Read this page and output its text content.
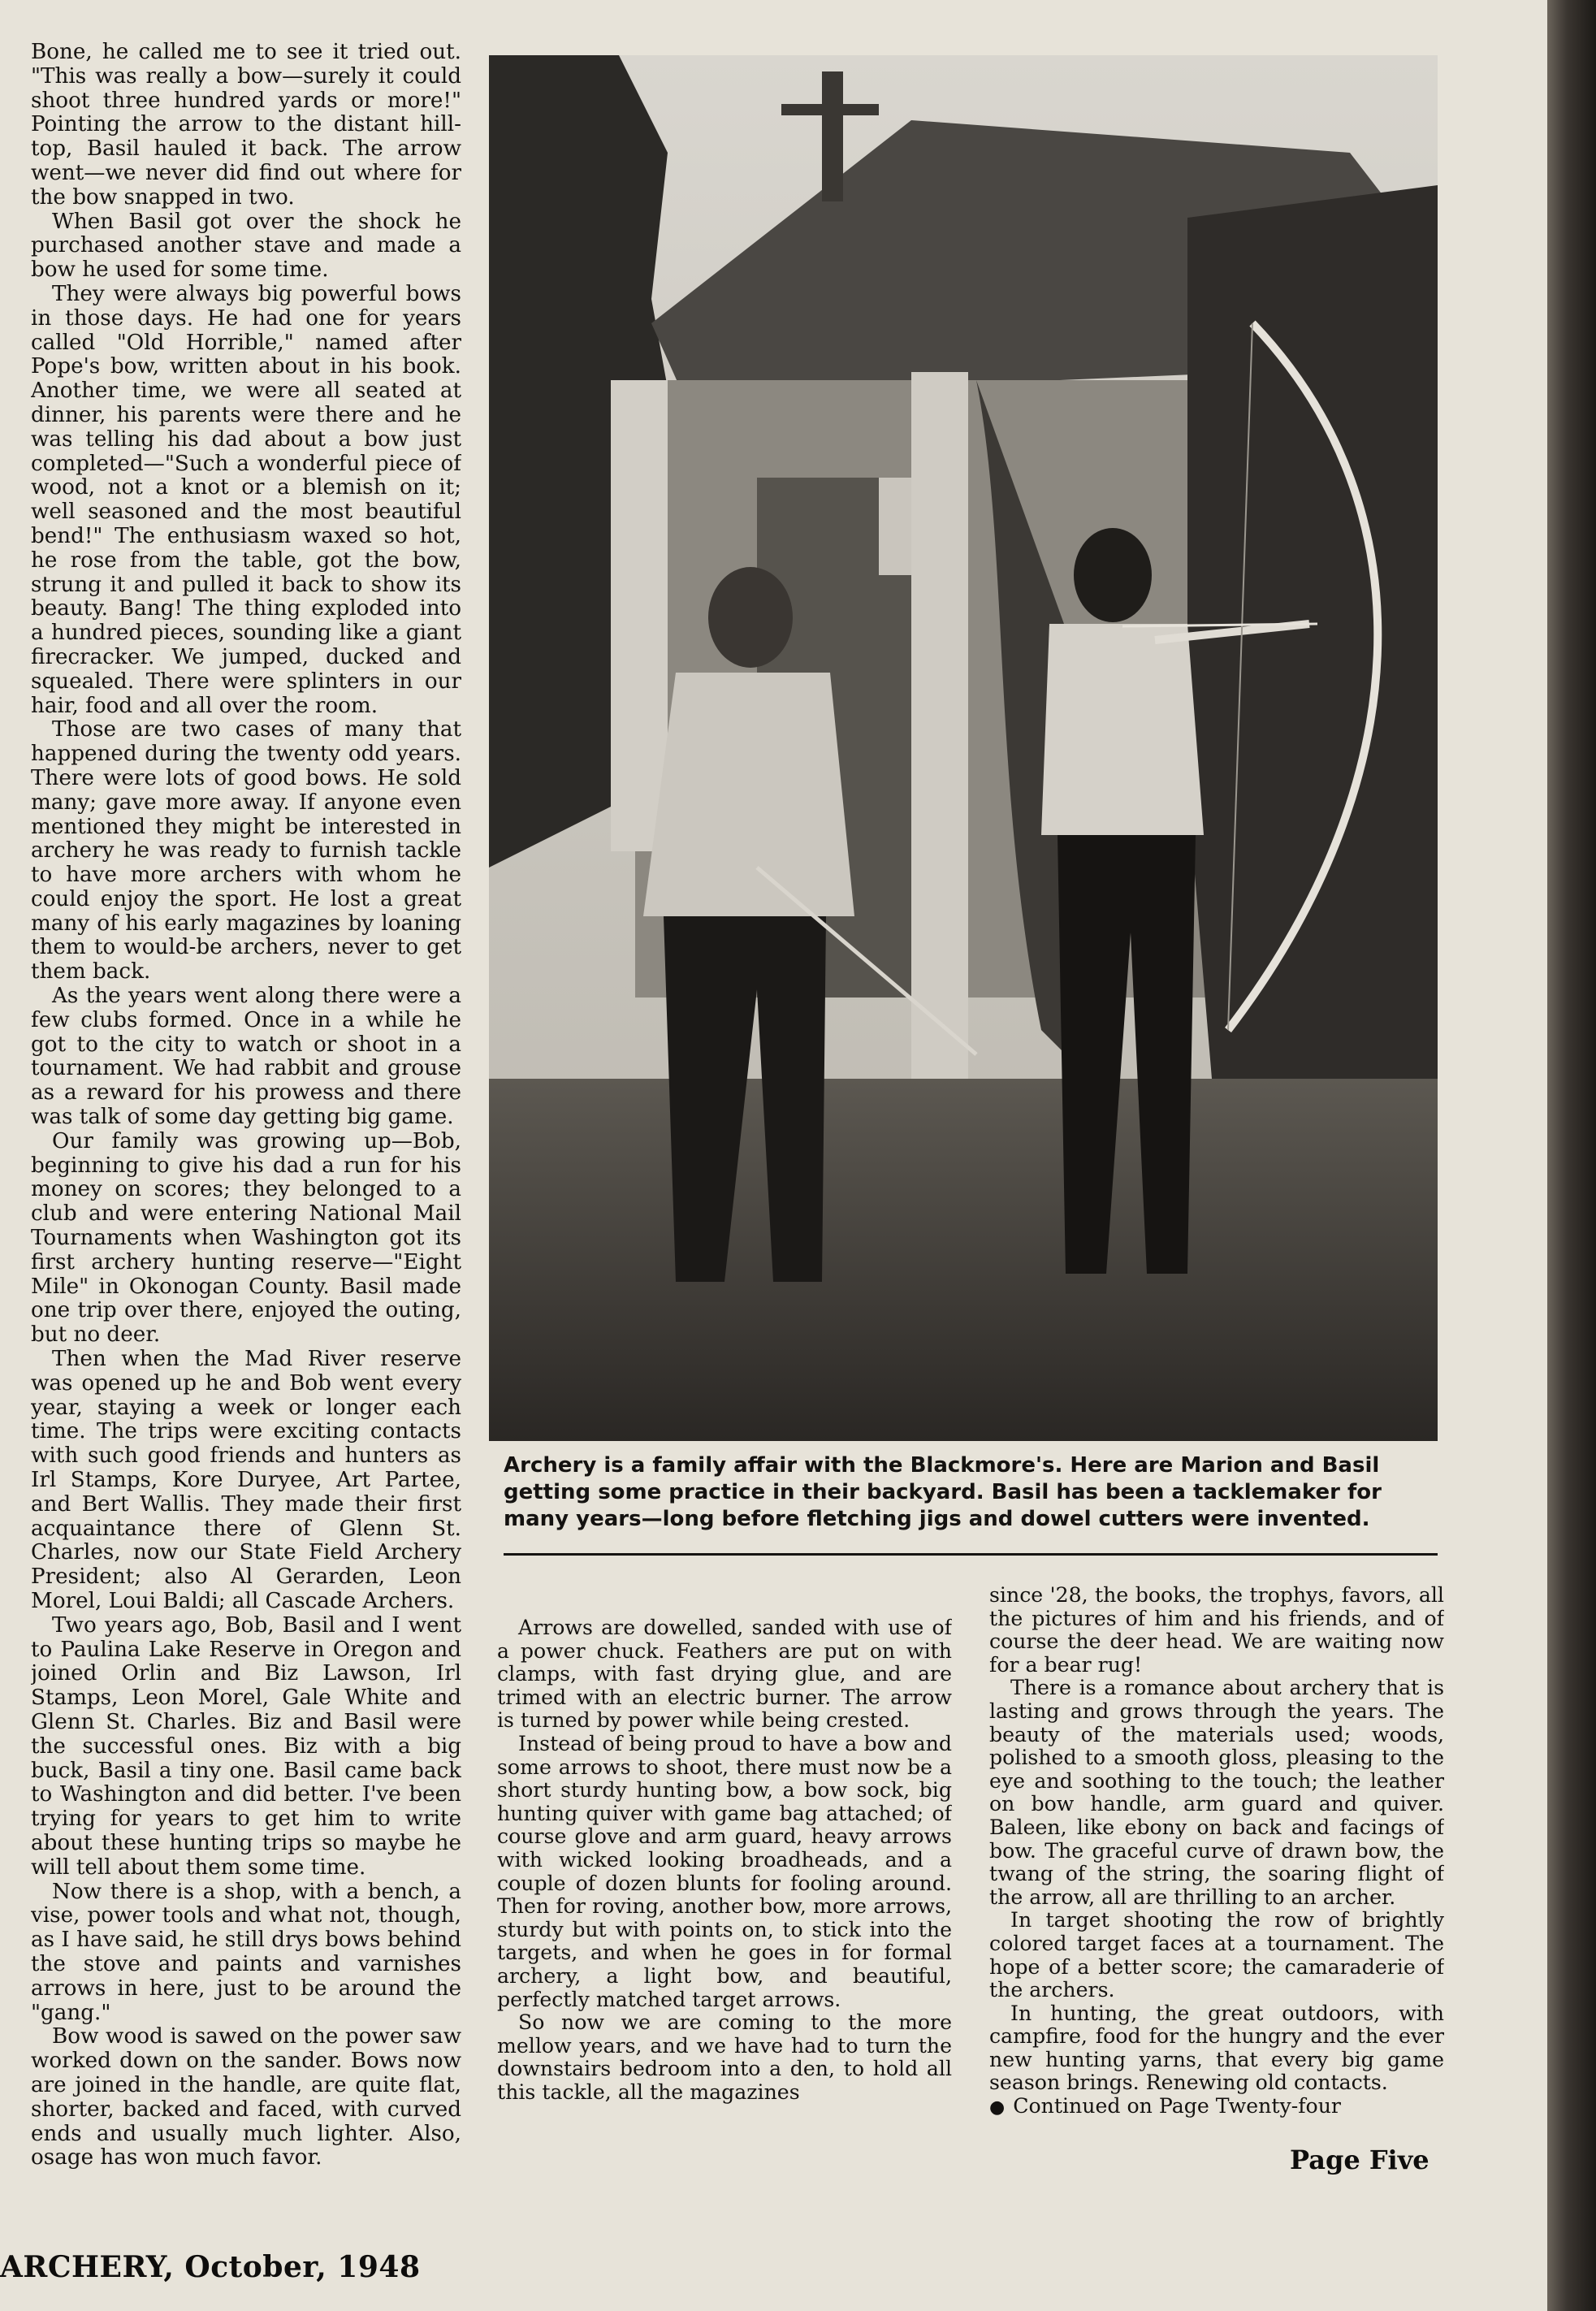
Bone, he called me to see it tried out. "This was really a bow—surely it could shoot three hundred yards or more!" Pointing the arrow to the distant hill-top, Basil hauled it back. The arrow went—we never did find out where for the bow snapped in two.

When Basil got over the shock he purchased another stave and made a bow he used for some time.

They were always big powerful bows in those days. He had one for years called "Old Horrible," named after Pope's bow, written about in his book. Another time, we were all seated at dinner, his parents were there and he was telling his dad about a bow just completed—"Such a wonderful piece of wood, not a knot or a blemish on it; well seasoned and the most beautiful bend!" The enthusiasm waxed so hot, he rose from the table, got the bow, strung it and pulled it back to show its beauty. Bang! The thing exploded into a hundred pieces, sounding like a giant firecracker. We jumped, ducked and squealed. There were splinters in our hair, food and all over the room.

Those are two cases of many that happened during the twenty odd years. There were lots of good bows. He sold many; gave more away. If anyone even mentioned they might be interested in archery he was ready to furnish tackle to have more archers with whom he could enjoy the sport. He lost a great many of his early magazines by loaning them to would-be archers, never to get them back.

As the years went along there were a few clubs formed. Once in a while he got to the city to watch or shoot in a tournament. We had rabbit and grouse as a reward for his prowess and there was talk of some day getting big game.

Our family was growing up—Bob, beginning to give his dad a run for his money on scores; they belonged to a club and were entering National Mail Tournaments when Washington got its first archery hunting reserve—"Eight Mile" in Okonogan County. Basil made one trip over there, enjoyed the outing, but no deer.

Then when the Mad River reserve was opened up he and Bob went every year, staying a week or longer each time. The trips were exciting contacts with such good friends and hunters as Irl Stamps, Kore Duryee, Art Partee, and Bert Wallis. They made their first acquaintance there of Glenn St. Charles, now our State Field Archery President; also Al Gerarden, Leon Morel, Loui Baldi; all Cascade Archers.

Two years ago, Bob, Basil and I went to Paulina Lake Reserve in Oregon and joined Orlin and Biz Lawson, Irl Stamps, Leon Morel, Gale White and Glenn St. Charles. Biz and Basil were the successful ones. Biz with a big buck, Basil a tiny one. Basil came back to Washington and did better. I've been trying for years to get him to write about these hunting trips so maybe he will tell about them some time.

Now there is a shop, with a bench, a vise, power tools and what not, though, as I have said, he still drys bows behind the stove and paints and varnishes arrows in here, just to be around the "gang."

Bow wood is sawed on the power saw worked down on the sander. Bows now are joined in the handle, are quite flat, shorter, backed and faced, with curved ends and usually much lighter. Also, osage has won much favor.

Archery is a family affair with the Blackmore's. Here are Marion and Basil getting some practice in their backyard. Basil has been a tacklemaker for many years—long before fletching jigs and dowel cutters were invented.

Arrows are dowelled, sanded with use of a power chuck. Feathers are put on with clamps, with fast drying glue, and are trimed with an electric burner. The arrow is turned by power while being crested.

Instead of being proud to have a bow and some arrows to shoot, there must now be a short sturdy hunting bow, a bow sock, big hunting quiver with game bag attached; of course glove and arm guard, heavy arrows with wicked looking broadheads, and a couple of dozen blunts for fooling around. Then for roving, another bow, more arrows, sturdy but with points on, to stick into the targets, and when he goes in for formal archery, a light bow, and beautiful, perfectly matched target arrows.

So now we are coming to the more mellow years, and we have had to turn the downstairs bedroom into a den, to hold all this tackle, all the magazines

since '28, the books, the trophys, favors, all the pictures of him and his friends, and of course the deer head. We are waiting now for a bear rug!

There is a romance about archery that is lasting and grows through the years. The beauty of the materials used; woods, polished to a smooth gloss, pleasing to the eye and soothing to the touch; the leather on bow handle, arm guard and quiver. Baleen, like ebony on back and facings of bow. The graceful curve of drawn bow, the twang of the string, the soaring flight of the arrow, all are thrilling to an archer.

In target shooting the row of brightly colored target faces at a tournament. The hope of a better score; the camaraderie of the archers.

In hunting, the great outdoors, with campfire, food for the hungry and the ever new hunting yarns, that every big game season brings. Renewing old contacts.

● Continued on Page Twenty-four

Page Five
ARCHERY, October, 1948
